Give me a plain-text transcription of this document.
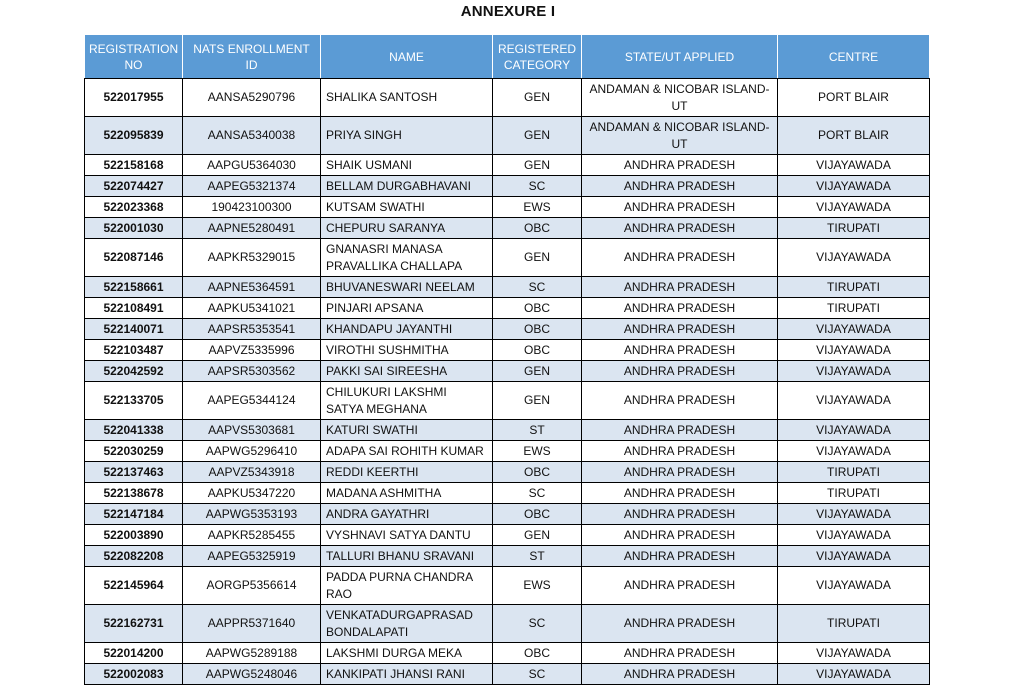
ANNEXURE I
REGISTRATION NO	NATS ENROLLMENT ID	NAME	REGISTERED CATEGORY	STATE/UT APPLIED	CENTRE
522017955	AANSA5290796	SHALIKA SANTOSH	GEN	ANDAMAN & NICOBAR ISLAND-UT	PORT BLAIR
522095839	AANSA5340038	PRIYA SINGH	GEN	ANDAMAN & NICOBAR ISLAND-UT	PORT BLAIR
522158168	AAPGU5364030	SHAIK USMANI	GEN	ANDHRA PRADESH	VIJAYAWADA
522074427	AAPEG5321374	BELLAM DURGABHAVANI	SC	ANDHRA PRADESH	VIJAYAWADA
522023368	190423100300	KUTSAM SWATHI	EWS	ANDHRA PRADESH	VIJAYAWADA
522001030	AAPNE5280491	CHEPURU SARANYA	OBC	ANDHRA PRADESH	TIRUPATI
522087146	AAPKR5329015	GNANASRI MANASA PRAVALLIKA CHALLAPA	GEN	ANDHRA PRADESH	VIJAYAWADA
522158661	AAPNE5364591	BHUVANESWARI NEELAM	SC	ANDHRA PRADESH	TIRUPATI
522108491	AAPKU5341021	PINJARI APSANA	OBC	ANDHRA PRADESH	TIRUPATI
522140071	AAPSR5353541	KHANDAPU JAYANTHI	OBC	ANDHRA PRADESH	VIJAYAWADA
522103487	AAPVZ5335996	VIROTHI SUSHMITHA	OBC	ANDHRA PRADESH	VIJAYAWADA
522042592	AAPSR5303562	PAKKI SAI SIREESHA	GEN	ANDHRA PRADESH	VIJAYAWADA
522133705	AAPEG5344124	CHILUKURI LAKSHMI SATYA MEGHANA	GEN	ANDHRA PRADESH	VIJAYAWADA
522041338	AAPVS5303681	KATURI SWATHI	ST	ANDHRA PRADESH	VIJAYAWADA
522030259	AAPWG5296410	ADAPA SAI ROHITH KUMAR	EWS	ANDHRA PRADESH	VIJAYAWADA
522137463	AAPVZ5343918	REDDI KEERTHI	OBC	ANDHRA PRADESH	TIRUPATI
522138678	AAPKU5347220	MADANA ASHMITHA	SC	ANDHRA PRADESH	TIRUPATI
522147184	AAPWG5353193	ANDRA GAYATHRI	OBC	ANDHRA PRADESH	VIJAYAWADA
522003890	AAPKR5285455	VYSHNAVI SATYA DANTU	GEN	ANDHRA PRADESH	VIJAYAWADA
522082208	AAPEG5325919	TALLURI BHANU SRAVANI	ST	ANDHRA PRADESH	VIJAYAWADA
522145964	AORGP5356614	PADDA PURNA CHANDRA RAO	EWS	ANDHRA PRADESH	VIJAYAWADA
522162731	AAPPR5371640	VENKATADURGAPRASAD BONDALAPATI	SC	ANDHRA PRADESH	TIRUPATI
522014200	AAPWG5289188	LAKSHMI DURGA MEKA	OBC	ANDHRA PRADESH	VIJAYAWADA
522002083	AAPWG5248046	KANKIPATI JHANSI RANI	SC	ANDHRA PRADESH	VIJAYAWADA
